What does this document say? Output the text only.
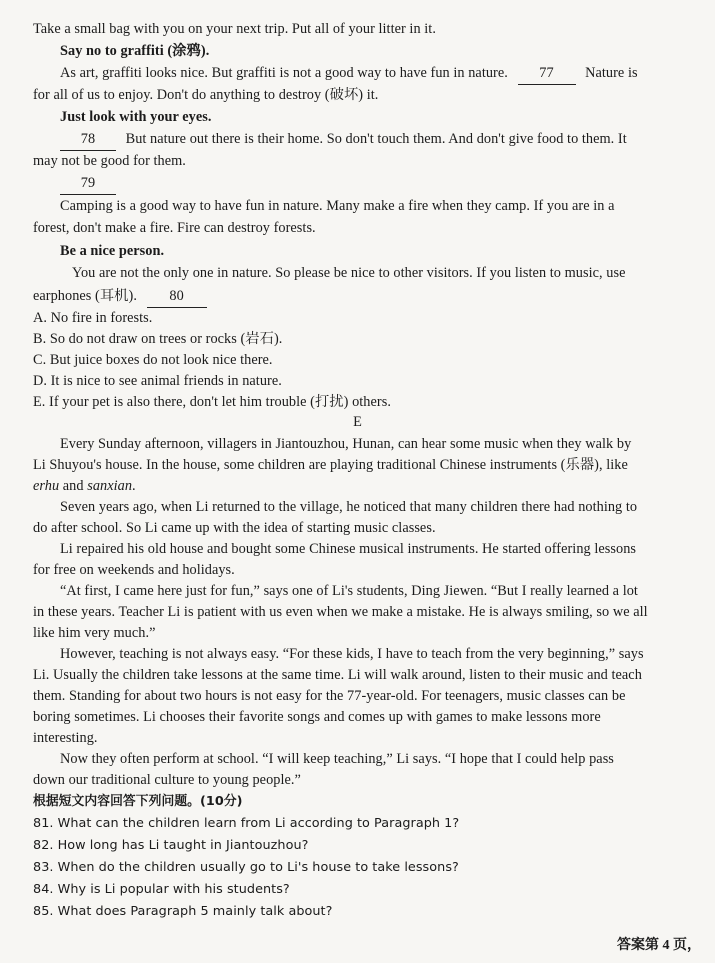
Take a small bag with you on your next trip. Put all of your litter in it.
Say no to graffiti (涂鸦).
As art, graffiti looks nice. But graffiti is not a good way to have fun in nature. 77 Nature is
for all of us to enjoy. Don't do anything to destroy (破坏) it.
Just look with your eyes.
78 But nature out there is their home. So don't touch them. And don't give food to them. It
may not be good for them.
79
Camping is a good way to have fun in nature. Many make a fire when they camp. If you are in a
forest, don't make a fire. Fire can destroy forests.
Be a nice person.
You are not the only one in nature. So please be nice to other visitors. If you listen to music, use
earphones (耳机). 80
A. No fire in forests.
B. So do not draw on trees or rocks (岩石).
C. But juice boxes do not look nice there.
D. It is nice to see animal friends in nature.
E. If your pet is also there, don't let him trouble (打扰) others.
E
Every Sunday afternoon, villagers in Jiantouzhou, Hunan, can hear some music when they walk by
Li Shuyou's house. In the house, some children are playing traditional Chinese instruments (乐器), like
erhu and sanxian.
Seven years ago, when Li returned to the village, he noticed that many children there had nothing to
do after school. So Li came up with the idea of starting music classes.
Li repaired his old house and bought some Chinese musical instruments. He started offering lessons
for free on weekends and holidays.
“At first, I came here just for fun,” says one of Li's students, Ding Jiewen. “But I really learned a lot
in these years. Teacher Li is patient with us even when we make a mistake. He is always smiling, so we all
like him very much.”
However, teaching is not always easy. “For these kids, I have to teach from the very beginning,” says
Li. Usually the children take lessons at the same time. Li will walk around, listen to their music and teach
them. Standing for about two hours is not easy for the 77-year-old. For teenagers, music classes can be
boring sometimes. Li chooses their favorite songs and comes up with games to make lessons more
interesting.
Now they often perform at school. “I will keep teaching,” Li says. “I hope that I could help pass
down our traditional culture to young people.”
根据短文内容回答下列问题。(10分)
81. What can the children learn from Li according to Paragraph 1?
82. How long has Li taught in Jiantouzhou?
83. When do the children usually go to Li's house to take lessons?
84. Why is Li popular with his students?
85. What does Paragraph 5 mainly talk about?
答案第 4 页，
